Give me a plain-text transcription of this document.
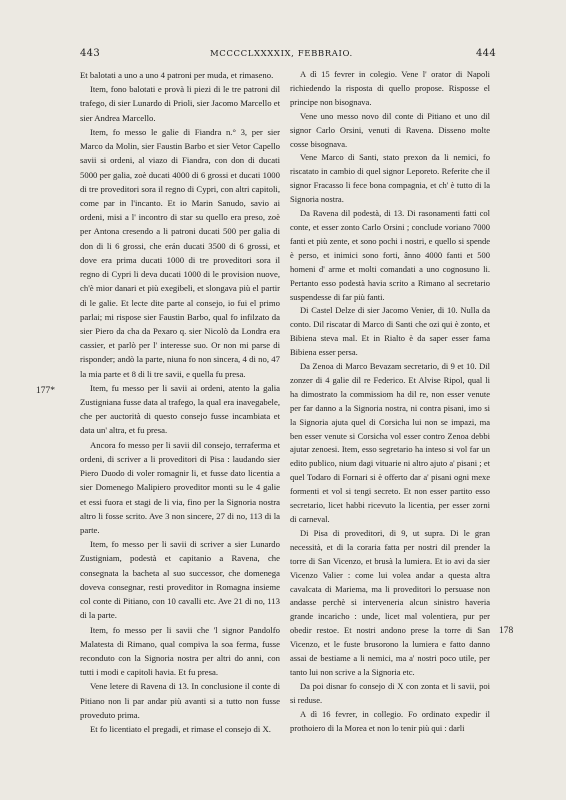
443	MCCCCLXXXXIX, FEBBRAIO.	444

Et balotati a uno a uno 4 patroni per muda, et rimaseno.

Item, fono balotati e provà li piezi di le tre patroni dil trafego, di sier Lunardo di Prioli, sier Jacomo Marcello et sier Andrea Marcello.

Item, fo messo le galie di Fiandra n.° 3, per sier Marco da Molin, sier Faustin Barbo et sier Vetor Capello savii si ordeni, al viazo di Fiandra, con don di ducati 5000 per galia, zoè ducati 4000 di 6 grossi et ducati 1000 di tre proveditori sora il regno di Cypri, con altri capitoli, come par in l'incanto. Et io Marin Sanudo, savio ai ordeni, misi a l' incontro di star su quello era preso, zoè per Antona cresendo a li patroni ducati 500 per galia di don di li 6 grossi, che erán ducati 3500 di 6 grossi, et dove era prima ducati 1000 di tre proveditori sora il regno di Cypri li deva ducati 1000 di le provision nuove, ch'è mior danari et più exegibeli, et slongava più el partir di le galie. Et lecte dite parte al consejo, io fui el primo parlai; mi rispose sier Faustin Barbo, qual fo infilzato da sier Piero da cha da Pexaro q. sier Nicolò da Londra era cassier, et parlò per l' interesse suo. Or non mi parse di risponder; andò la parte, niuna fo non sincera, 4 di no, 47 la mia parte et 8 di li tre savii, e quella fu presa.

Item, fu messo per li savii ai ordeni, atento la galia Zustigniana fusse data al trafego, la qual era inavegabele, che per auctorità di questo consejo fusse incambiata et data un' altra, et fu presa.

Ancora fo messo per li savii dil consejo, terraferma et ordeni, di scriver a li proveditori di Pisa : laudando sier Piero Duodo di voler romagnir li, et fusse dato licentia a sier Domenego Malipiero proveditor monti su le 4 galie et essi fuora et stagi de li via, fino per la Signoria nostra altro li fosse scrito. Ave 3 non sincere, 27 di no, 113 di la parte.

Item, fo messo per li savii di scriver a sier Lunardo Zustigniam, podestà et capitanio a Ravena, che consegnata la bacheta al suo successor, che domenega doveva consegnar, resti proveditor in Romagna insieme col conte di Pitiano, con 10 cavalli etc. Ave 21 di no, 113 di la parte.

Item, fo messo per li savii che 'l signor Pandolfo Malatesta di Rimano, qual compiva la soa ferma, fusse reconduto con la Signoria nostra per altri do anni, con tutti i modi e capitoli havia. Et fu presa.

Vene letere di Ravena di 13. In conclusione il conte di Pitiano non li par andar più avanti si a tutto non fusse proveduto prima.

Et fo licentiato el pregadi, et rimase el consejo di X.

A dì 15 fevrer in colegio. Vene l' orator di Napoli richiedendo la risposta di quello propose. Risposse el principe non bisognava.

Vene uno messo novo dil conte di Pitiano et uno dil signor Carlo Orsini, venuti di Ravena. Disseno molte cosse bisognava.

Vene Marco di Santi, stato prexon da li nemici, fo riscatato in cambio di quel signor Leporeto. Referite che il signor Fracasso li fece bona compagnia, et ch' è tutto di la Signoria nostra.

Da Ravena dil podestà, di 13. Di rasonamenti fatti col conte, et esser zonto Carlo Orsini ; conclude voriano 7000 fanti et più zente, et sono pochi i nostri, e quello si spende è perso, et inimici sono forti, ânno 4000 fanti et 500 homeni d' arme et molti comandati a uno cognosuno li. Pertanto esso podestà havia scrito a Rimano al secretario suspendesse di far più fanti.

Di Castel Delze di sier Jacomo Venier, di 10. Nulla da conto. Dil riscatar di Marco di Santi che ozi qui è zonto, et Bibiena steva mal. Et in Rialto è da saper esser fama Bibiena esser persa.

Da Zenoa di Marco Bevazam secretario, di 9 et 10. Dil zonzer di 4 galie dil re Federico. Et Alvise Ripol, qual li ha dimostrato la commissiom ha dil re, non esser venute per far danno a la Signoria nostra, ni contra pisani, imo si la Signoria ajuta quel di Corsicha lui non se impazi, ma ben esser venute si Corsicha vol esser contro Zenoa debbi ajutar zenoesi. Item, esso segretario ha inteso si vol far un edito publico, nium dagi vituarie ni altro ajuto a' pisani ; et quel Todaro di Fornari si è offerto dar a' pisani ogni mexe formenti et vol si tengi secreto. Et non esser partito esso secretario, licet habbi ricevuto la licentia, per esser zorni di carneval.

Di Pisa di proveditori, di 9, ut supra. Di le gran necessità, et di la coraria fatta per nostri dil prender la torre di San Vicenzo, et brusà la lumiera. Et io avi da sier Vicenzo Valier : come lui volea andar a questa altra cavalcata di Mariema, ma li proveditori lo persuase non andasse perchè si interveneria alcun sinistro haveria grande incaricho : unde, licet mal volentiera, pur per obedir restoe. Et nostri andono prese la torre di San Vicenzo, et le fuste brusorono la lumiera e fatto danno assai de bestiame a li nemici, ma a' nostri poco utile, per tanto lui non scrive a la Signoria etc.

Da poi disnar fo consejo di X con zonta et li savii, poi si reduse.

A dì 16 fevrer, in collegio. Fo ordinato expedir il prothoiero di la Morea et non lo tenir più qui : darli

177*
178
